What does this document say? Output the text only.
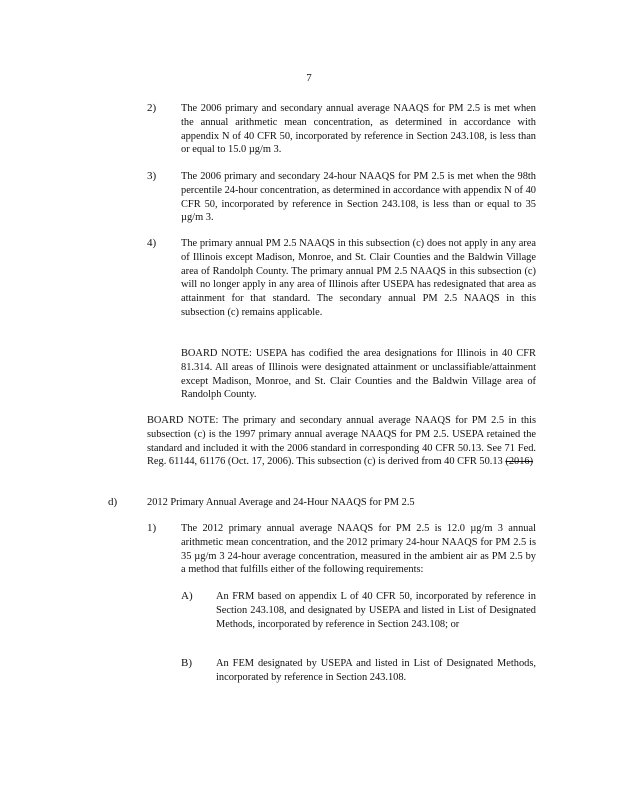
7
2) The 2006 primary and secondary annual average NAAQS for PM 2.5 is met when the annual arithmetic mean concentration, as determined in accordance with appendix N of 40 CFR 50, incorporated by reference in Section 243.108, is less than or equal to 15.0 µg/m 3.
3) The 2006 primary and secondary 24-hour NAAQS for PM 2.5 is met when the 98th percentile 24-hour concentration, as determined in accordance with appendix N of 40 CFR 50, incorporated by reference in Section 243.108, is less than or equal to 35 µg/m 3.
4) The primary annual PM 2.5 NAAQS in this subsection (c) does not apply in any area of Illinois except Madison, Monroe, and St. Clair Counties and the Baldwin Village area of Randolph County. The primary annual PM 2.5 NAAQS in this subsection (c) will no longer apply in any area of Illinois after USEPA has redesignated that area as attainment for that standard. The secondary annual PM 2.5 NAAQS in this subsection (c) remains applicable.
BOARD NOTE: USEPA has codified the area designations for Illinois in 40 CFR 81.314. All areas of Illinois were designated attainment or unclassifiable/attainment except Madison, Monroe, and St. Clair Counties and the Baldwin Village area of Randolph County.
BOARD NOTE: The primary and secondary annual average NAAQS for PM 2.5 in this subsection (c) is the 1997 primary annual average NAAQS for PM 2.5. USEPA retained the standard and included it with the 2006 standard in corresponding 40 CFR 50.13. See 71 Fed. Reg. 61144, 61176 (Oct. 17, 2006). This subsection (c) is derived from 40 CFR 50.13 (2016)
d)	2012 Primary Annual Average and 24-Hour NAAQS for PM 2.5
1) The 2012 primary annual average NAAQS for PM 2.5 is 12.0 µg/m 3 annual arithmetic mean concentration, and the 2012 primary 24-hour NAAQS for PM 2.5 is 35 µg/m 3 24-hour average concentration, measured in the ambient air as PM 2.5 by a method that fulfills either of the following requirements:
A) An FRM based on appendix L of 40 CFR 50, incorporated by reference in Section 243.108, and designated by USEPA and listed in List of Designated Methods, incorporated by reference in Section 243.108; or
B) An FEM designated by USEPA and listed in List of Designated Methods, incorporated by reference in Section 243.108.
